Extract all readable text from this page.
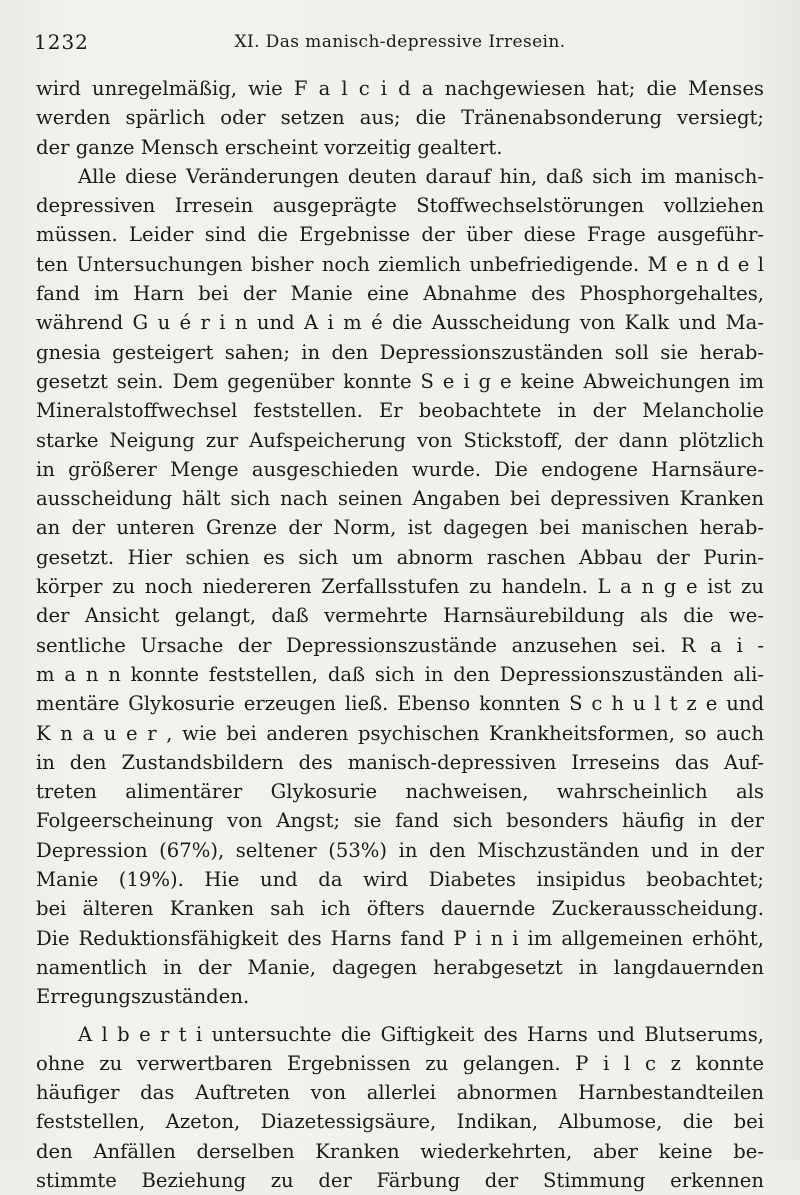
1232	XI. Das manisch-depressive Irresein.
wird unregelmäßig, wie F a l c i d a nachgewiesen hat; die Menses
werden spärlich oder setzen aus; die Tränenabsonderung versiegt;
der ganze Mensch erscheint vorzeitig gealtert.
Alle diese Veränderungen deuten darauf hin, daß sich im manisch-
depressiven Irresein ausgeprägte Stoffwechselstörungen vollziehen
müssen. Leider sind die Ergebnisse der über diese Frage ausgeführ-
ten Untersuchungen bisher noch ziemlich unbefriedigende. M e n d e l
fand im Harn bei der Manie eine Abnahme des Phosphorgehaltes,
während G u é r i n und A i m é die Ausscheidung von Kalk und Ma-
gnesia gesteigert sahen; in den Depressionszuständen soll sie herab-
gesetzt sein. Dem gegenüber konnte S e i g e keine Abweichungen im
Mineralstoffwechsel feststellen. Er beobachtete in der Melancholie
starke Neigung zur Aufspeicherung von Stickstoff, der dann plötzlich
in größerer Menge ausgeschieden wurde. Die endogene Harnsäure-
ausscheidung hält sich nach seinen Angaben bei depressiven Kranken
an der unteren Grenze der Norm, ist dagegen bei manischen herab-
gesetzt. Hier schien es sich um abnorm raschen Abbau der Purin-
körper zu noch niedereren Zerfallsstufen zu handeln. L a n g e ist zu
der Ansicht gelangt, daß vermehrte Harnsäurebildung als die we-
sentliche Ursache der Depressionszustände anzusehen sei. R a i -
m a n n konnte feststellen, daß sich in den Depressionszuständen ali-
mentäre Glykosurie erzeugen ließ. Ebenso konnten S c h u l t z e und
K n a u e r , wie bei anderen psychischen Krankheitsformen, so auch
in den Zustandsbildern des manisch-depressiven Irreseins das Auf-
treten alimentärer Glykosurie nachweisen, wahrscheinlich als
Folgeerscheinung von Angst; sie fand sich besonders häufig in der
Depression (67%), seltener (53%) in den Mischzuständen und in der
Manie (19%). Hie und da wird Diabetes insipidus beobachtet;
bei älteren Kranken sah ich öfters dauernde Zuckerausscheidung.
Die Reduktionsfähigkeit des Harns fand P i n i im allgemeinen erhöht,
namentlich in der Manie, dagegen herabgesetzt in langdauernden
Erregungszuständen.
A l b e r t i untersuchte die Giftigkeit des Harns und Blutserums,
ohne zu verwertbaren Ergebnissen zu gelangen. P i l c z konnte
häufiger das Auftreten von allerlei abnormen Harnbestandteilen
feststellen, Azeton, Diazetessigsäure, Indikan, Albumose, die bei
den Anfällen derselben Kranken wiederkehrten, aber keine be-
stimmte Beziehung zu der Färbung der Stimmung erkennen
